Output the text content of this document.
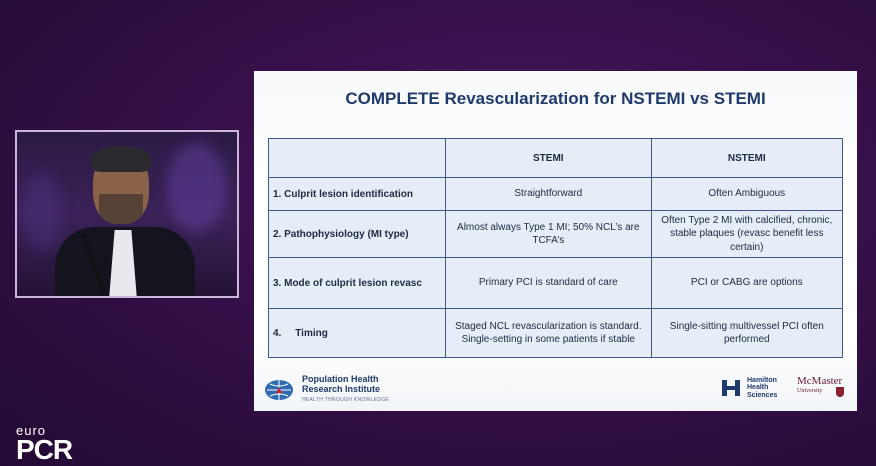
COMPLETE Revascularization for NSTEMI vs STEMI
	STEMI	NSTEMI
1. Culprit lesion identification	Straightforward	Often Ambiguous
2. Pathophysiology (MI type)	Almost always Type 1 MI; 50% NCL’s are TCFA’s	Often Type 2 MI with calcified, chronic, stable plaques (revasc benefit less certain)
3. Mode of culprit lesion revasc	Primary PCI is standard of care	PCI or CABG are options
4.     Timing	Staged NCL revascularization is standard. Single-setting in some patients if stable	Single-sitting multivessel PCI often performed
Population Health
Research Institute
HEALTH THROUGH KNOWLEDGE
Hamilton
Health
Sciences
McMaster
University
euro
PCR
